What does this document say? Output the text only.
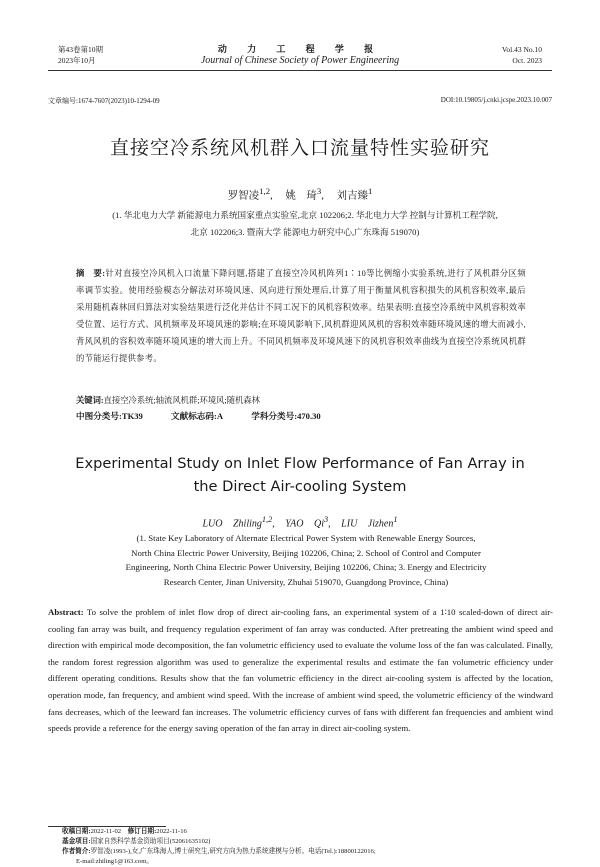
第43卷第10期
2023年10月
动 力 工 程 学 报
Journal of Chinese Society of Power Engineering
Vol.43 No.10
Oct. 2023
文章编号:1674-7607(2023)10-1294-09	DOI:10.19805/j.cnki.jcspe.2023.10.007
直接空冷系统风机群入口流量特性实验研究
罗智凌$^{1,2}$, 姚　琦$^3$, 刘吉臻$^1$
(1. 华北电力大学 新能源电力系统国家重点实验室,北京 102206;2. 华北电力大学 控制与计算机工程学院,
北京 102206;3. 暨南大学 能源电力研究中心,广东珠海 519070)
摘　要:针对直接空冷风机入口流量下降问题,搭建了直接空冷风机阵列1∶10等比例缩小实验系统,进行了风机群分区频率调节实验。使用经验模态分解法对环境风速、风向进行预处理后,计算了用于衡量风机容积损失的风机容积效率,最后采用随机森林回归算法对实验结果进行泛化并估计不同工况下的风机容积效率。结果表明:直接空冷系统中风机容积效率受位置、运行方式、风机频率及环境风速的影响;在环境风影响下,风机群迎风风机的容积效率随环境风速的增大而减小,背风风机的容积效率随环境风速的增大而上升。不同风机频率及环境风速下的风机容积效率曲线为直接空冷系统风机群的节能运行提供参考。
关键词:直接空冷系统;轴流风机群;环境风;随机森林
中图分类号:TK39	文献标志码:A	学科分类号:470.30
Experimental Study on Inlet Flow Performance of Fan Array in
the Direct Air-cooling System
LUO Zhiling$^{1,2}$, YAO Qi$^3$, LIU Jizhen$^1$
(1. State Key Laboratory of Alternate Electrical Power System with Renewable Energy Sources,
North China Electric Power University, Beijing 102206, China; 2. School of Control and Computer
Engineering, North China Electric Power University, Beijing 102206, China; 3. Energy and Electricity
Research Center, Jinan University, Zhuhai 519070, Guangdong Province, China)
Abstract: To solve the problem of inlet flow drop of direct air-cooling fans, an experimental system of a 1∶10 scaled-down of direct air-cooling fan array was built, and frequency regulation experiment of fan array was conducted. After pretreating the ambient wind speed and direction with empirical mode decomposition, the fan volumetric efficiency used to evaluate the volume loss of the fan was calculated. Finally, the random forest regression algorithm was used to generalize the experimental results and estimate the fan volumetric efficiency under different operating conditions. Results show that the fan volumetric efficiency in the direct air-cooling system is affected by the location, operation mode, fan frequency, and ambient wind speed. With the increase of ambient wind speed, the volumetric efficiency of the windward fans decreases, which of the leeward fan increases. The volumetric efficiency curves of fans with different fan frequencies and ambient wind speeds provide a reference for the energy saving operation of the fan array in direct air-cooling system.
收稿日期:2022-11-02 修订日期:2022-11-16
基金项目:国家自然科学基金资助项目(52061635102)
作者简介:罗智凌(1993-),女,广东珠海人,博士研究生,研究方向为热力系统建模与分析。电话(Tel.):18800122016;
E-mail:zhiling1@163.com。
